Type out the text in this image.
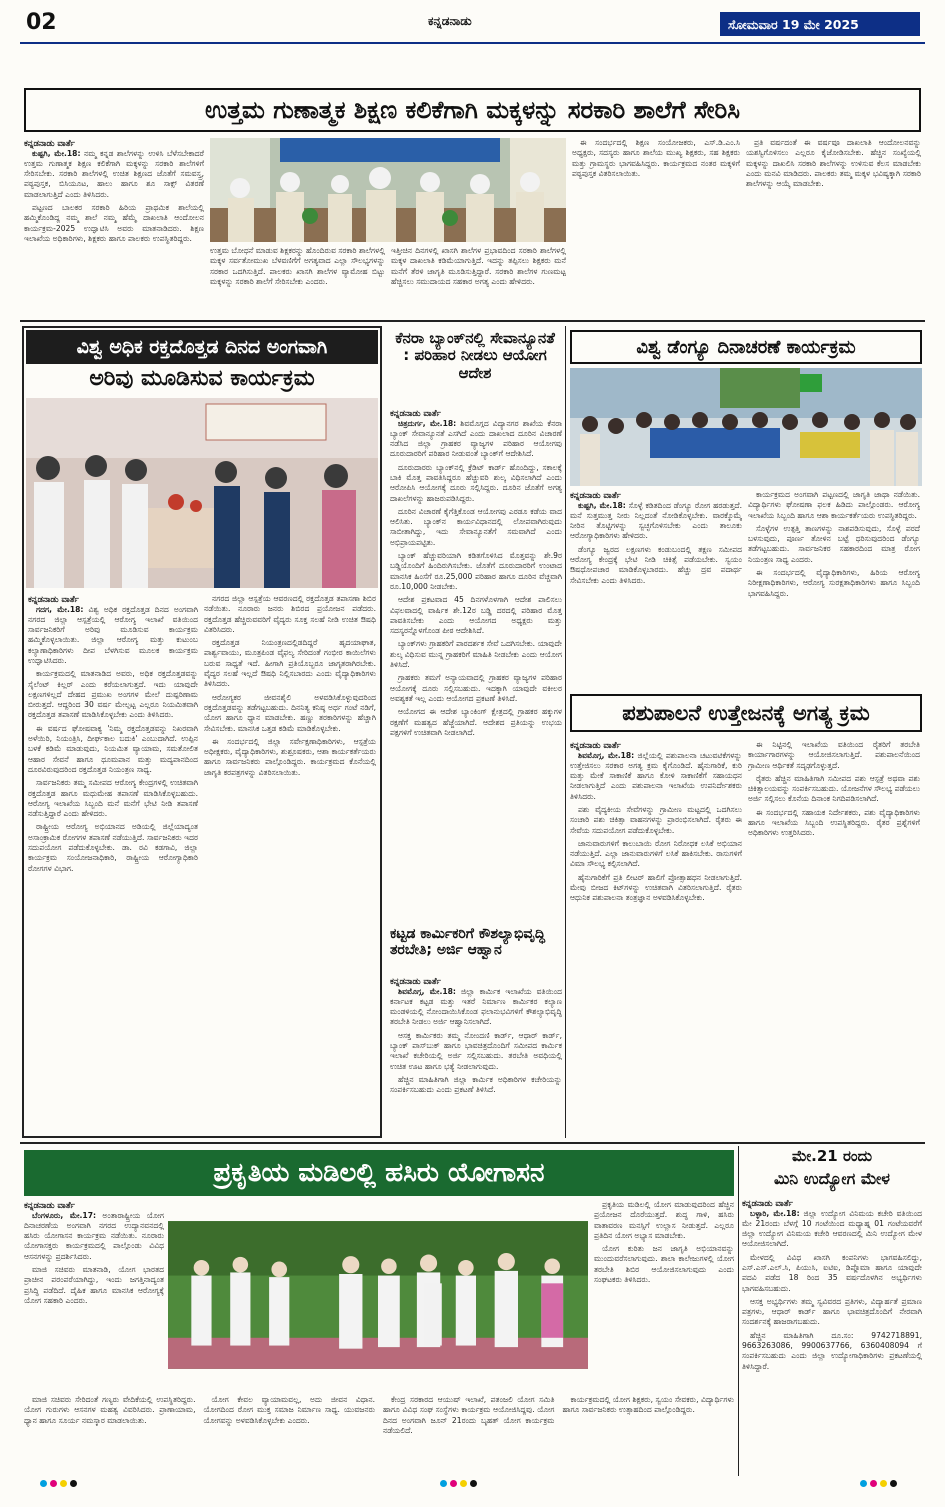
02	ಕನ್ನಡನಾಡು	ಸೋಮವಾರ 19 ಮೇ 2025
ಉತ್ತಮ ಗುಣಾತ್ಮಕ ಶಿಕ್ಷಣ ಕಲಿಕೆಗಾಗಿ ಮಕ್ಕಳನ್ನು ಸರಕಾರಿ ಶಾಲೆಗೆ ಸೇರಿಸಿ
ಕನ್ನಡನಾಡು ವಾರ್ತೆ

ಕುಷ್ಟಗಿ, ಮೇ.18: ನಮ್ಮ ಕನ್ನಡ ಶಾಲೆಗಳನ್ನು ಉಳಿಸಿ ಬೆಳೆಸಬೇಕಾದರೆ ಉತ್ತಮ ಗುಣಾತ್ಮಕ ಶಿಕ್ಷಣ ಕಲಿಕೆಗಾಗಿ ಮಕ್ಕಳನ್ನು ಸರಕಾರಿ ಶಾಲೆಗಳಿಗೆ ಸೇರಿಸಬೇಕು. ಸರಕಾರಿ ಶಾಲೆಗಳಲ್ಲಿ ಉಚಿತ ಶಿಕ್ಷಣದ ಜೊತೆಗೆ ಸಮವಸ್ತ್ರ, ಪಠ್ಯಪುಸ್ತಕ, ಬಿಸಿಯೂಟ, ಹಾಲು ಹಾಗೂ ಶೂ ಸಾಕ್ಸ್ ವಿತರಣೆ ಮಾಡಲಾಗುತ್ತಿದೆ ಎಂದು ತಿಳಿಸಿದರು.

ಪಟ್ಟಣದ ಬಾಲಕರ ಸರಕಾರಿ ಹಿರಿಯ ಪ್ರಾಥಮಿಕ ಶಾಲೆಯಲ್ಲಿ ಹಮ್ಮಿಕೊಂಡಿದ್ದ ನಮ್ಮ ಶಾಲೆ ನಮ್ಮ ಹೆಮ್ಮೆ ದಾಖಲಾತಿ ಆಂದೋಲನ ಕಾರ್ಯಕ್ರಮ-2025 ಉದ್ಘಾಟಿಸಿ ಅವರು ಮಾತನಾಡಿದರು. ಶಿಕ್ಷಣ ಇಲಾಖೆಯ ಅಧಿಕಾರಿಗಳು, ಶಿಕ್ಷಕರು ಹಾಗೂ ಪಾಲಕರು ಉಪಸ್ಥಿತರಿದ್ದರು.

ಉತ್ತಮ ಬೋಧನೆ ಮಾಡುವ ಶಿಕ್ಷಕರನ್ನು ಹೊಂದಿರುವ ಸರಕಾರಿ ಶಾಲೆಗಳಲ್ಲಿ ಮಕ್ಕಳ ಸರ್ವತೋಮುಖ ಬೆಳವಣಿಗೆಗೆ ಅಗತ್ಯವಾದ ಎಲ್ಲಾ ಸೌಲಭ್ಯಗಳನ್ನು ಸರಕಾರ ಒದಗಿಸುತ್ತಿದೆ. ಪಾಲಕರು ಖಾಸಗಿ ಶಾಲೆಗಳ ವ್ಯಾಮೋಹ ಬಿಟ್ಟು ಮಕ್ಕಳನ್ನು ಸರಕಾರಿ ಶಾಲೆಗೆ ಸೇರಿಸಬೇಕು ಎಂದರು.
ಇತ್ತೀಚಿನ ದಿನಗಳಲ್ಲಿ ಖಾಸಗಿ ಶಾಲೆಗಳ ಪ್ರಭಾವದಿಂದ ಸರಕಾರಿ ಶಾಲೆಗಳಲ್ಲಿ ಮಕ್ಕಳ ದಾಖಲಾತಿ ಕಡಿಮೆಯಾಗುತ್ತಿದೆ. ಇದನ್ನು ತಪ್ಪಿಸಲು ಶಿಕ್ಷಕರು ಮನೆ ಮನೆಗೆ ತೆರಳಿ ಜಾಗೃತಿ ಮೂಡಿಸುತ್ತಿದ್ದಾರೆ. ಸರಕಾರಿ ಶಾಲೆಗಳ ಗುಣಮಟ್ಟ ಹೆಚ್ಚಿಸಲು ಸಮುದಾಯದ ಸಹಕಾರ ಅಗತ್ಯ ಎಂದು ಹೇಳಿದರು.

ಈ ಸಂದರ್ಭದಲ್ಲಿ ಶಿಕ್ಷಣ ಸಂಯೋಜಕರು, ಎಸ್.ಡಿ.ಎಂ.ಸಿ ಅಧ್ಯಕ್ಷರು, ಸದಸ್ಯರು ಹಾಗೂ ಶಾಲೆಯ ಮುಖ್ಯ ಶಿಕ್ಷಕರು, ಸಹ ಶಿಕ್ಷಕರು ಮತ್ತು ಗ್ರಾಮಸ್ಥರು ಭಾಗವಹಿಸಿದ್ದರು. ಕಾರ್ಯಕ್ರಮದ ನಂತರ ಮಕ್ಕಳಿಗೆ ಪಠ್ಯಪುಸ್ತಕ ವಿತರಿಸಲಾಯಿತು.

ಪ್ರತಿ ವರ್ಷದಂತೆ ಈ ವರ್ಷವೂ ದಾಖಲಾತಿ ಆಂದೋಲನವನ್ನು ಯಶಸ್ವಿಗೊಳಿಸಲು ಎಲ್ಲರೂ ಕೈಜೋಡಿಸಬೇಕು. ಹೆಚ್ಚಿನ ಸಂಖ್ಯೆಯಲ್ಲಿ ಮಕ್ಕಳನ್ನು ದಾಖಲಿಸಿ ಸರಕಾರಿ ಶಾಲೆಗಳನ್ನು ಉಳಿಸುವ ಕೆಲಸ ಮಾಡಬೇಕು ಎಂದು ಮನವಿ ಮಾಡಿದರು. ಪಾಲಕರು ತಮ್ಮ ಮಕ್ಕಳ ಭವಿಷ್ಯಕ್ಕಾಗಿ ಸರಕಾರಿ ಶಾಲೆಗಳನ್ನು ಆಯ್ಕೆ ಮಾಡಬೇಕು.

ವಿಶ್ವ ಅಧಿಕ ರಕ್ತದೊತ್ತಡ ದಿನದ ಅಂಗವಾಗಿ
ಅರಿವು ಮೂಡಿಸುವ ಕಾರ್ಯಕ್ರಮ
ಕನ್ನಡನಾಡು ವಾರ್ತೆ

ಗದಗ, ಮೇ.18: ವಿಶ್ವ ಅಧಿಕ ರಕ್ತದೊತ್ತಡ ದಿನದ ಅಂಗವಾಗಿ ನಗರದ ಜಿಲ್ಲಾ ಆಸ್ಪತ್ರೆಯಲ್ಲಿ ಆರೋಗ್ಯ ಇಲಾಖೆ ವತಿಯಿಂದ ಸಾರ್ವಜನಿಕರಿಗೆ ಅರಿವು ಮೂಡಿಸುವ ಕಾರ್ಯಕ್ರಮ ಹಮ್ಮಿಕೊಳ್ಳಲಾಯಿತು. ಜಿಲ್ಲಾ ಆರೋಗ್ಯ ಮತ್ತು ಕುಟುಂಬ ಕಲ್ಯಾಣಾಧಿಕಾರಿಗಳು ದೀಪ ಬೆಳಗಿಸುವ ಮೂಲಕ ಕಾರ್ಯಕ್ರಮ ಉದ್ಘಾಟಿಸಿದರು.

ಕಾರ್ಯಕ್ರಮದಲ್ಲಿ ಮಾತನಾಡಿದ ಅವರು, ಅಧಿಕ ರಕ್ತದೊತ್ತಡವನ್ನು ಸೈಲೆಂಟ್ ಕಿಲ್ಲರ್ ಎಂದು ಕರೆಯಲಾಗುತ್ತದೆ. ಇದು ಯಾವುದೇ ಲಕ್ಷಣಗಳಿಲ್ಲದೆ ದೇಹದ ಪ್ರಮುಖ ಅಂಗಗಳ ಮೇಲೆ ದುಷ್ಪರಿಣಾಮ ಬೀರುತ್ತದೆ. ಆದ್ದರಿಂದ 30 ವರ್ಷ ಮೇಲ್ಪಟ್ಟ ಎಲ್ಲರೂ ನಿಯಮಿತವಾಗಿ ರಕ್ತದೊತ್ತಡ ತಪಾಸಣೆ ಮಾಡಿಸಿಕೊಳ್ಳಬೇಕು ಎಂದು ತಿಳಿಸಿದರು.

ಈ ವರ್ಷದ ಘೋಷವಾಕ್ಯ 'ನಿಮ್ಮ ರಕ್ತದೊತ್ತಡವನ್ನು ನಿಖರವಾಗಿ ಅಳೆಯಿರಿ, ನಿಯಂತ್ರಿಸಿ, ದೀರ್ಘಕಾಲ ಬದುಕಿ' ಎಂಬುದಾಗಿದೆ. ಉಪ್ಪಿನ ಬಳಕೆ ಕಡಿಮೆ ಮಾಡುವುದು, ನಿಯಮಿತ ವ್ಯಾಯಾಮ, ಸಮತೋಲಿತ ಆಹಾರ ಸೇವನೆ ಹಾಗೂ ಧೂಮಪಾನ ಮತ್ತು ಮದ್ಯಪಾನದಿಂದ ದೂರವಿರುವುದರಿಂದ ರಕ್ತದೊತ್ತಡ ನಿಯಂತ್ರಣ ಸಾಧ್ಯ.

ಸಾರ್ವಜನಿಕರು ತಮ್ಮ ಸಮೀಪದ ಆರೋಗ್ಯ ಕೇಂದ್ರಗಳಲ್ಲಿ ಉಚಿತವಾಗಿ ರಕ್ತದೊತ್ತಡ ಹಾಗೂ ಮಧುಮೇಹ ತಪಾಸಣೆ ಮಾಡಿಸಿಕೊಳ್ಳಬಹುದು. ಆರೋಗ್ಯ ಇಲಾಖೆಯ ಸಿಬ್ಬಂದಿ ಮನೆ ಮನೆಗೆ ಭೇಟಿ ನೀಡಿ ತಪಾಸಣೆ ನಡೆಸುತ್ತಿದ್ದಾರೆ ಎಂದು ಹೇಳಿದರು.

ರಾಷ್ಟ್ರೀಯ ಆರೋಗ್ಯ ಅಭಿಯಾನದ ಅಡಿಯಲ್ಲಿ ಜಿಲ್ಲೆಯಾದ್ಯಂತ ಅಸಾಂಕ್ರಾಮಿಕ ರೋಗಗಳ ತಪಾಸಣೆ ನಡೆಯುತ್ತಿದೆ. ಸಾರ್ವಜನಿಕರು ಇದರ ಸದುಪಯೋಗ ಪಡೆದುಕೊಳ್ಳಬೇಕು. ಡಾ. ರವಿ ಕಡಗಾವಿ, ಜಿಲ್ಲಾ ಕಾರ್ಯಕ್ರಮ ಸಂಯೋಜನಾಧಿಕಾರಿ, ರಾಷ್ಟ್ರೀಯ ಆರೋಗ್ಯಾಧಿಕಾರಿ ರೋಗಗಳ ವಿಭಾಗ.

ನಗರದ ಜಿಲ್ಲಾ ಆಸ್ಪತ್ರೆಯ ಆವರಣದಲ್ಲಿ ರಕ್ತದೊತ್ತಡ ತಪಾಸಣಾ ಶಿಬಿರ ನಡೆಯಿತು. ನೂರಾರು ಜನರು ಶಿಬಿರದ ಪ್ರಯೋಜನ ಪಡೆದರು. ರಕ್ತದೊತ್ತಡ ಹೆಚ್ಚಿರುವವರಿಗೆ ವೈದ್ಯರು ಸೂಕ್ತ ಸಲಹೆ ನೀಡಿ ಉಚಿತ ಔಷಧಿ ವಿತರಿಸಿದರು.

ರಕ್ತದೊತ್ತಡ ನಿಯಂತ್ರಣದಲ್ಲಿಡದಿದ್ದರೆ ಹೃದಯಾಘಾತ, ಪಾರ್ಶ್ವವಾಯು, ಮೂತ್ರಪಿಂಡ ವೈಫಲ್ಯ ಸೇರಿದಂತೆ ಗಂಭೀರ ಕಾಯಿಲೆಗಳು ಬರುವ ಸಾಧ್ಯತೆ ಇದೆ. ಹೀಗಾಗಿ ಪ್ರತಿಯೊಬ್ಬರೂ ಜಾಗೃತರಾಗಿರಬೇಕು. ವೈದ್ಯರ ಸಲಹೆ ಇಲ್ಲದೆ ಔಷಧಿ ನಿಲ್ಲಿಸಬಾರದು ಎಂದು ವೈದ್ಯಾಧಿಕಾರಿಗಳು ತಿಳಿಸಿದರು.

ಆರೋಗ್ಯಕರ ಜೀವನಶೈಲಿ ಅಳವಡಿಸಿಕೊಳ್ಳುವುದರಿಂದ ರಕ್ತದೊತ್ತಡವನ್ನು ತಡೆಗಟ್ಟಬಹುದು. ದಿನನಿತ್ಯ ಕನಿಷ್ಠ ಅರ್ಧ ಗಂಟೆ ನಡಿಗೆ, ಯೋಗ ಹಾಗೂ ಧ್ಯಾನ ಮಾಡಬೇಕು. ಹಣ್ಣು ತರಕಾರಿಗಳನ್ನು ಹೆಚ್ಚಾಗಿ ಸೇವಿಸಬೇಕು. ಮಾನಸಿಕ ಒತ್ತಡ ಕಡಿಮೆ ಮಾಡಿಕೊಳ್ಳಬೇಕು.

ಈ ಸಂದರ್ಭದಲ್ಲಿ ಜಿಲ್ಲಾ ಸರ್ವೇಕ್ಷಣಾಧಿಕಾರಿಗಳು, ಆಸ್ಪತ್ರೆಯ ಅಧೀಕ್ಷಕರು, ವೈದ್ಯಾಧಿಕಾರಿಗಳು, ಶುಶ್ರೂಷಕರು, ಆಶಾ ಕಾರ್ಯಕರ್ತೆಯರು ಹಾಗೂ ಸಾರ್ವಜನಿಕರು ಪಾಲ್ಗೊಂಡಿದ್ದರು. ಕಾರ್ಯಕ್ರಮದ ಕೊನೆಯಲ್ಲಿ ಜಾಗೃತಿ ಕರಪತ್ರಗಳನ್ನು ವಿತರಿಸಲಾಯಿತು.

ಕೆನರಾ ಬ್ಯಾಂಕ್‌ನಲ್ಲಿ ಸೇವಾನ್ಯೂನತೆ : ಪರಿಹಾರ ನೀಡಲು ಆಯೋಗ ಆದೇಶ
ಕನ್ನಡನಾಡು ವಾರ್ತೆ

ಚಿತ್ರದುರ್ಗ, ಮೇ.18: ಶಿವಮೊಗ್ಗದ ವಿದ್ಯಾನಗರ ಶಾಖೆಯ ಕೆನರಾ ಬ್ಯಾಂಕ್ ಸೇವಾನ್ಯೂನತೆ ಎಸಗಿದೆ ಎಂದು ದಾಖಲಾದ ದೂರಿನ ವಿಚಾರಣೆ ನಡೆಸಿದ ಜಿಲ್ಲಾ ಗ್ರಾಹಕರ ವ್ಯಾಜ್ಯಗಳ ಪರಿಹಾರ ಆಯೋಗವು ದೂರುದಾರರಿಗೆ ಪರಿಹಾರ ನೀಡುವಂತೆ ಬ್ಯಾಂಕ್‌ಗೆ ಆದೇಶಿಸಿದೆ.

ದೂರುದಾರರು ಬ್ಯಾಂಕ್‌ನಲ್ಲಿ ಕ್ರೆಡಿಟ್ ಕಾರ್ಡ್ ಹೊಂದಿದ್ದು, ಸಕಾಲಕ್ಕೆ ಬಾಕಿ ಮೊತ್ತ ಪಾವತಿಸಿದ್ದರೂ ಹೆಚ್ಚುವರಿ ಶುಲ್ಕ ವಿಧಿಸಲಾಗಿದೆ ಎಂದು ಆರೋಪಿಸಿ ಆಯೋಗಕ್ಕೆ ದೂರು ಸಲ್ಲಿಸಿದ್ದರು. ದೂರಿನ ಜೊತೆಗೆ ಅಗತ್ಯ ದಾಖಲೆಗಳನ್ನು ಹಾಜರುಪಡಿಸಿದ್ದರು.

ದೂರಿನ ವಿಚಾರಣೆ ಕೈಗೆತ್ತಿಕೊಂಡ ಆಯೋಗವು ಎರಡೂ ಕಡೆಯ ವಾದ ಆಲಿಸಿತು. ಬ್ಯಾಂಕ್‌ನ ಕಾರ್ಯವಿಧಾನದಲ್ಲಿ ಲೋಪವಾಗಿರುವುದು ಸಾಬೀತಾಗಿದ್ದು, ಇದು ಸೇವಾನ್ಯೂನತೆಗೆ ಸಮವಾಗಿದೆ ಎಂದು ಅಭಿಪ್ರಾಯಪಟ್ಟಿತು.

ಬ್ಯಾಂಕ್ ಹೆಚ್ಚುವರಿಯಾಗಿ ಕಡಿತಗೊಳಿಸಿದ ಮೊತ್ತವನ್ನು ಶೇ.9ರ ಬಡ್ಡಿಯೊಂದಿಗೆ ಹಿಂದಿರುಗಿಸಬೇಕು. ಜೊತೆಗೆ ದೂರುದಾರರಿಗೆ ಉಂಟಾದ ಮಾನಸಿಕ ಹಿಂಸೆಗೆ ರೂ.25,000 ಪರಿಹಾರ ಹಾಗೂ ದೂರಿನ ವೆಚ್ಚವಾಗಿ ರೂ.10,000 ನೀಡಬೇಕು.

ಆದೇಶ ಪ್ರಕಟವಾದ 45 ದಿನಗಳೊಳಗಾಗಿ ಆದೇಶ ಪಾಲಿಸಲು ವಿಫಲವಾದಲ್ಲಿ ವಾರ್ಷಿಕ ಶೇ.12ರ ಬಡ್ಡಿ ದರದಲ್ಲಿ ಪರಿಹಾರ ಮೊತ್ತ ಪಾವತಿಸಬೇಕು ಎಂದು ಆಯೋಗದ ಅಧ್ಯಕ್ಷರು ಮತ್ತು ಸದಸ್ಯರನ್ನೊಳಗೊಂಡ ಪೀಠ ಆದೇಶಿಸಿದೆ.

ಬ್ಯಾಂಕ್‌ಗಳು ಗ್ರಾಹಕರಿಗೆ ಪಾರದರ್ಶಕ ಸೇವೆ ಒದಗಿಸಬೇಕು. ಯಾವುದೇ ಶುಲ್ಕ ವಿಧಿಸುವ ಮುನ್ನ ಗ್ರಾಹಕರಿಗೆ ಮಾಹಿತಿ ನೀಡಬೇಕು ಎಂದು ಆಯೋಗ ತಿಳಿಸಿದೆ.

ಗ್ರಾಹಕರು ತಮಗೆ ಅನ್ಯಾಯವಾದಲ್ಲಿ ಗ್ರಾಹಕರ ವ್ಯಾಜ್ಯಗಳ ಪರಿಹಾರ ಆಯೋಗಕ್ಕೆ ದೂರು ಸಲ್ಲಿಸಬಹುದು. ಇದಕ್ಕಾಗಿ ಯಾವುದೇ ವಕೀಲರ ಅವಶ್ಯಕತೆ ಇಲ್ಲ ಎಂದು ಆಯೋಗದ ಪ್ರಕಟಣೆ ತಿಳಿಸಿದೆ.

ಆಯೋಗದ ಈ ಆದೇಶ ಬ್ಯಾಂಕಿಂಗ್ ಕ್ಷೇತ್ರದಲ್ಲಿ ಗ್ರಾಹಕರ ಹಕ್ಕುಗಳ ರಕ್ಷಣೆಗೆ ಮಹತ್ವದ ಹೆಜ್ಜೆಯಾಗಿದೆ. ಆದೇಶದ ಪ್ರತಿಯನ್ನು ಉಭಯ ಪಕ್ಷಗಳಿಗೆ ಉಚಿತವಾಗಿ ನೀಡಲಾಗಿದೆ.

ಕಟ್ಟಡ ಕಾರ್ಮಿಕರಿಗೆ ಕೌಶಲ್ಯಾಭಿವೃದ್ಧಿ ತರಬೇತಿ; ಅರ್ಜಿ ಆಹ್ವಾನ
ಕನ್ನಡನಾಡು ವಾರ್ತೆ

ಶಿವಮೊಗ್ಗ, ಮೇ.18: ಜಿಲ್ಲಾ ಕಾರ್ಮಿಕ ಇಲಾಖೆಯ ವತಿಯಿಂದ ಕರ್ನಾಟಕ ಕಟ್ಟಡ ಮತ್ತು ಇತರೆ ನಿರ್ಮಾಣ ಕಾರ್ಮಿಕರ ಕಲ್ಯಾಣ ಮಂಡಳಿಯಲ್ಲಿ ನೋಂದಾಯಿಸಿಕೊಂಡ ಫಲಾನುಭವಿಗಳಿಗೆ ಕೌಶಲ್ಯಾಭಿವೃದ್ಧಿ ತರಬೇತಿ ನೀಡಲು ಅರ್ಜಿ ಆಹ್ವಾನಿಸಲಾಗಿದೆ.

ಆಸಕ್ತ ಕಾರ್ಮಿಕರು ತಮ್ಮ ನೋಂದಣಿ ಕಾರ್ಡ್, ಆಧಾರ್ ಕಾರ್ಡ್, ಬ್ಯಾಂಕ್ ಪಾಸ್‌ಬುಕ್ ಹಾಗೂ ಭಾವಚಿತ್ರದೊಂದಿಗೆ ಸಮೀಪದ ಕಾರ್ಮಿಕ ಇಲಾಖೆ ಕಚೇರಿಯಲ್ಲಿ ಅರ್ಜಿ ಸಲ್ಲಿಸಬಹುದು. ತರಬೇತಿ ಅವಧಿಯಲ್ಲಿ ಉಚಿತ ಊಟ ಹಾಗೂ ಭತ್ಯೆ ನೀಡಲಾಗುವುದು.

ಹೆಚ್ಚಿನ ಮಾಹಿತಿಗಾಗಿ ಜಿಲ್ಲಾ ಕಾರ್ಮಿಕ ಅಧಿಕಾರಿಗಳ ಕಚೇರಿಯನ್ನು ಸಂಪರ್ಕಿಸಬಹುದು ಎಂದು ಪ್ರಕಟಣೆ ತಿಳಿಸಿದೆ.

ವಿಶ್ವ ಡೆಂಗ್ಯೂ ದಿನಾಚರಣೆ ಕಾರ್ಯಕ್ರಮ
ಕನ್ನಡನಾಡು ವಾರ್ತೆ

ಕುಷ್ಟಗಿ, ಮೇ.18: ಸೊಳ್ಳೆ ಕಡಿತದಿಂದ ಡೆಂಗ್ಯೂ ರೋಗ ಹರಡುತ್ತದೆ. ಮನೆ ಸುತ್ತಮುತ್ತ ನೀರು ನಿಲ್ಲದಂತೆ ನೋಡಿಕೊಳ್ಳಬೇಕು. ವಾರಕ್ಕೊಮ್ಮೆ ನೀರಿನ ತೊಟ್ಟಿಗಳನ್ನು ಸ್ವಚ್ಛಗೊಳಿಸಬೇಕು ಎಂದು ತಾಲೂಕು ಆರೋಗ್ಯಾಧಿಕಾರಿಗಳು ಹೇಳಿದರು.

ಡೆಂಗ್ಯೂ ಜ್ವರದ ಲಕ್ಷಣಗಳು ಕಂಡುಬಂದಲ್ಲಿ ತಕ್ಷಣ ಸಮೀಪದ ಆರೋಗ್ಯ ಕೇಂದ್ರಕ್ಕೆ ಭೇಟಿ ನೀಡಿ ಚಿಕಿತ್ಸೆ ಪಡೆಯಬೇಕು. ಸ್ವಯಂ ಔಷಧೋಪಚಾರ ಮಾಡಿಕೊಳ್ಳಬಾರದು. ಹೆಚ್ಚು ದ್ರವ ಪದಾರ್ಥ ಸೇವಿಸಬೇಕು ಎಂದು ತಿಳಿಸಿದರು.

ಕಾರ್ಯಕ್ರಮದ ಅಂಗವಾಗಿ ಪಟ್ಟಣದಲ್ಲಿ ಜಾಗೃತಿ ಜಾಥಾ ನಡೆಯಿತು. ವಿದ್ಯಾರ್ಥಿಗಳು ಘೋಷಣಾ ಫಲಕ ಹಿಡಿದು ಪಾಲ್ಗೊಂಡರು. ಆರೋಗ್ಯ ಇಲಾಖೆಯ ಸಿಬ್ಬಂದಿ ಹಾಗೂ ಆಶಾ ಕಾರ್ಯಕರ್ತೆಯರು ಉಪಸ್ಥಿತರಿದ್ದರು.

ಸೊಳ್ಳೆಗಳ ಉತ್ಪತ್ತಿ ತಾಣಗಳನ್ನು ನಾಶಪಡಿಸುವುದು, ಸೊಳ್ಳೆ ಪರದೆ ಬಳಸುವುದು, ಪೂರ್ಣ ತೋಳಿನ ಬಟ್ಟೆ ಧರಿಸುವುದರಿಂದ ಡೆಂಗ್ಯೂ ತಡೆಗಟ್ಟಬಹುದು. ಸಾರ್ವಜನಿಕರ ಸಹಕಾರದಿಂದ ಮಾತ್ರ ರೋಗ ನಿಯಂತ್ರಣ ಸಾಧ್ಯ ಎಂದರು.

ಈ ಸಂದರ್ಭದಲ್ಲಿ ವೈದ್ಯಾಧಿಕಾರಿಗಳು, ಹಿರಿಯ ಆರೋಗ್ಯ ನಿರೀಕ್ಷಣಾಧಿಕಾರಿಗಳು, ಆರೋಗ್ಯ ಸುರಕ್ಷತಾಧಿಕಾರಿಗಳು ಹಾಗೂ ಸಿಬ್ಬಂದಿ ಭಾಗವಹಿಸಿದ್ದರು.

ಪಶುಪಾಲನೆ ಉತ್ತೇಜನಕ್ಕೆ ಅಗತ್ಯ ಕ್ರಮ
ಕನ್ನಡನಾಡು ವಾರ್ತೆ

ಶಿವಮೊಗ್ಗ, ಮೇ.18: ಜಿಲ್ಲೆಯಲ್ಲಿ ಪಶುಪಾಲನಾ ಚಟುವಟಿಕೆಗಳನ್ನು ಉತ್ತೇಜಿಸಲು ಸರಕಾರ ಅಗತ್ಯ ಕ್ರಮ ಕೈಗೊಂಡಿದೆ. ಹೈನುಗಾರಿಕೆ, ಕುರಿ ಮತ್ತು ಮೇಕೆ ಸಾಕಾಣಿಕೆ ಹಾಗೂ ಕೋಳಿ ಸಾಕಾಣಿಕೆಗೆ ಸಹಾಯಧನ ನೀಡಲಾಗುತ್ತಿದೆ ಎಂದು ಪಶುಪಾಲನಾ ಇಲಾಖೆಯ ಉಪನಿರ್ದೇಶಕರು ತಿಳಿಸಿದರು.

ಪಶು ವೈದ್ಯಕೀಯ ಸೇವೆಗಳನ್ನು ಗ್ರಾಮೀಣ ಮಟ್ಟದಲ್ಲಿ ಒದಗಿಸಲು ಸಂಚಾರಿ ಪಶು ಚಿಕಿತ್ಸಾ ವಾಹನಗಳನ್ನು ಪ್ರಾರಂಭಿಸಲಾಗಿದೆ. ರೈತರು ಈ ಸೇವೆಯ ಸದುಪಯೋಗ ಪಡೆದುಕೊಳ್ಳಬೇಕು.

ಜಾನುವಾರುಗಳಿಗೆ ಕಾಲುಬಾಯಿ ರೋಗ ನಿರೋಧಕ ಲಸಿಕೆ ಅಭಿಯಾನ ನಡೆಯುತ್ತಿದೆ. ಎಲ್ಲಾ ಜಾನುವಾರುಗಳಿಗೆ ಲಸಿಕೆ ಹಾಕಿಸಬೇಕು. ರಾಸುಗಳಿಗೆ ವಿಮಾ ಸೌಲಭ್ಯ ಕಲ್ಪಿಸಲಾಗಿದೆ.

ಹೈನುಗಾರಿಕೆಗೆ ಪ್ರತಿ ಲೀಟರ್ ಹಾಲಿಗೆ ಪ್ರೋತ್ಸಾಹಧನ ನೀಡಲಾಗುತ್ತಿದೆ. ಮೇವು ಬೀಜದ ಕಿಟ್‌ಗಳನ್ನು ಉಚಿತವಾಗಿ ವಿತರಿಸಲಾಗುತ್ತಿದೆ. ರೈತರು ಆಧುನಿಕ ಪಶುಪಾಲನಾ ತಂತ್ರಜ್ಞಾನ ಅಳವಡಿಸಿಕೊಳ್ಳಬೇಕು.

ಈ ನಿಟ್ಟಿನಲ್ಲಿ ಇಲಾಖೆಯ ವತಿಯಿಂದ ರೈತರಿಗೆ ತರಬೇತಿ ಕಾರ್ಯಾಗಾರಗಳನ್ನು ಆಯೋಜಿಸಲಾಗುತ್ತಿದೆ. ಪಶುಪಾಲನೆಯಿಂದ ಗ್ರಾಮೀಣ ಆರ್ಥಿಕತೆ ಸದೃಢಗೊಳ್ಳುತ್ತದೆ.

ರೈತರು ಹೆಚ್ಚಿನ ಮಾಹಿತಿಗಾಗಿ ಸಮೀಪದ ಪಶು ಆಸ್ಪತ್ರೆ ಅಥವಾ ಪಶು ಚಿಕಿತ್ಸಾಲಯವನ್ನು ಸಂಪರ್ಕಿಸಬಹುದು. ಯೋಜನೆಗಳ ಸೌಲಭ್ಯ ಪಡೆಯಲು ಅರ್ಜಿ ಸಲ್ಲಿಸಲು ಕೊನೆಯ ದಿನಾಂಕ ನಿಗದಿಪಡಿಸಲಾಗಿದೆ.

ಈ ಸಂದರ್ಭದಲ್ಲಿ ಸಹಾಯಕ ನಿರ್ದೇಶಕರು, ಪಶು ವೈದ್ಯಾಧಿಕಾರಿಗಳು ಹಾಗೂ ಇಲಾಖೆಯ ಸಿಬ್ಬಂದಿ ಉಪಸ್ಥಿತರಿದ್ದರು. ರೈತರ ಪ್ರಶ್ನೆಗಳಿಗೆ ಅಧಿಕಾರಿಗಳು ಉತ್ತರಿಸಿದರು.

ಪ್ರಕೃತಿಯ ಮಡಿಲಲ್ಲಿ ಹಸಿರು ಯೋಗಾಸನ
ಕನ್ನಡನಾಡು ವಾರ್ತೆ

ಬೆಂಗಳೂರು, ಮೇ.17: ಅಂತಾರಾಷ್ಟ್ರೀಯ ಯೋಗ ದಿನಾಚರಣೆಯ ಅಂಗವಾಗಿ ನಗರದ ಉದ್ಯಾನವನದಲ್ಲಿ ಹಸಿರು ಯೋಗಾಸನ ಕಾರ್ಯಕ್ರಮ ನಡೆಯಿತು. ನೂರಾರು ಯೋಗಾಸಕ್ತರು ಕಾರ್ಯಕ್ರಮದಲ್ಲಿ ಪಾಲ್ಗೊಂಡು ವಿವಿಧ ಆಸನಗಳನ್ನು ಪ್ರದರ್ಶಿಸಿದರು.

ಮಾಜಿ ಸಚಿವರು ಮಾತನಾಡಿ, ಯೋಗ ಭಾರತದ ಪ್ರಾಚೀನ ಪರಂಪರೆಯಾಗಿದ್ದು, ಇಂದು ಜಗತ್ತಿನಾದ್ಯಂತ ಪ್ರಸಿದ್ಧಿ ಪಡೆದಿದೆ. ದೈಹಿಕ ಹಾಗೂ ಮಾನಸಿಕ ಆರೋಗ್ಯಕ್ಕೆ ಯೋಗ ಸಹಕಾರಿ ಎಂದರು.

ಪ್ರಕೃತಿಯ ಮಡಿಲಲ್ಲಿ ಯೋಗ ಮಾಡುವುದರಿಂದ ಹೆಚ್ಚಿನ ಪ್ರಯೋಜನ ದೊರೆಯುತ್ತದೆ. ಶುದ್ಧ ಗಾಳಿ, ಹಸಿರು ವಾತಾವರಣ ಮನಸ್ಸಿಗೆ ಉಲ್ಲಾಸ ನೀಡುತ್ತದೆ. ಎಲ್ಲರೂ ಪ್ರತಿದಿನ ಯೋಗ ಅಭ್ಯಾಸ ಮಾಡಬೇಕು.

ಯೋಗ ಕುರಿತು ಜನ ಜಾಗೃತಿ ಅಭಿಯಾನವನ್ನು ಮುಂದುವರೆಸಲಾಗುವುದು. ಶಾಲಾ ಕಾಲೇಜುಗಳಲ್ಲಿ ಯೋಗ ತರಬೇತಿ ಶಿಬಿರ ಆಯೋಜಿಸಲಾಗುವುದು ಎಂದು ಸಂಘಟಕರು ತಿಳಿಸಿದರು.

ಮಾಜಿ ಸಚಿವರು ಸೇರಿದಂತೆ ಗಣ್ಯರು ವೇದಿಕೆಯಲ್ಲಿ ಉಪಸ್ಥಿತರಿದ್ದರು. ಯೋಗ ಗುರುಗಳು ಆಸನಗಳ ಮಹತ್ವ ವಿವರಿಸಿದರು. ಪ್ರಾಣಾಯಾಮ, ಧ್ಯಾನ ಹಾಗೂ ಸೂರ್ಯ ನಮಸ್ಕಾರ ಮಾಡಲಾಯಿತು.

ಯೋಗ ಕೇವಲ ವ್ಯಾಯಾಮವಲ್ಲ, ಅದು ಜೀವನ ವಿಧಾನ. ಯೋಗದಿಂದ ರೋಗ ಮುಕ್ತ ಸಮಾಜ ನಿರ್ಮಾಣ ಸಾಧ್ಯ. ಯುವಜನರು ಯೋಗವನ್ನು ಅಳವಡಿಸಿಕೊಳ್ಳಬೇಕು ಎಂದರು.

ಕೇಂದ್ರ ಸರಕಾರದ ಆಯುಷ್ ಇಲಾಖೆ, ಪತಂಜಲಿ ಯೋಗ ಸಮಿತಿ ಹಾಗೂ ವಿವಿಧ ಸಂಘ ಸಂಸ್ಥೆಗಳು ಕಾರ್ಯಕ್ರಮ ಆಯೋಜಿಸಿದ್ದವು. ಯೋಗ ದಿನದ ಅಂಗವಾಗಿ ಜೂನ್ 21ರಂದು ಬೃಹತ್ ಯೋಗ ಕಾರ್ಯಕ್ರಮ ನಡೆಯಲಿದೆ.

ಕಾರ್ಯಕ್ರಮದಲ್ಲಿ ಯೋಗ ಶಿಕ್ಷಕರು, ಸ್ವಯಂ ಸೇವಕರು, ವಿದ್ಯಾರ್ಥಿಗಳು ಹಾಗೂ ಸಾರ್ವಜನಿಕರು ಉತ್ಸಾಹದಿಂದ ಪಾಲ್ಗೊಂಡಿದ್ದರು.

ಮೇ.21 ರಂದು
ಮಿನಿ ಉದ್ಯೋಗ ಮೇಳ
ಕನ್ನಡನಾಡು ವಾರ್ತೆ

ಬಳ್ಳಾರಿ, ಮೇ.18: ಜಿಲ್ಲಾ ಉದ್ಯೋಗ ವಿನಿಮಯ ಕಚೇರಿ ವತಿಯಿಂದ ಮೇ 21ರಂದು ಬೆಳಗ್ಗೆ 10 ಗಂಟೆಯಿಂದ ಮಧ್ಯಾಹ್ನ 01 ಗಂಟೆಯವರೆಗೆ ಜಿಲ್ಲಾ ಉದ್ಯೋಗ ವಿನಿಮಯ ಕಚೇರಿ ಆವರಣದಲ್ಲಿ ಮಿನಿ ಉದ್ಯೋಗ ಮೇಳ ಆಯೋಜಿಸಲಾಗಿದೆ.

ಮೇಳದಲ್ಲಿ ವಿವಿಧ ಖಾಸಗಿ ಕಂಪನಿಗಳು ಭಾಗವಹಿಸಲಿದ್ದು, ಎಸ್.ಎಸ್.ಎಲ್.ಸಿ, ಪಿಯುಸಿ, ಐಟಿಐ, ಡಿಪ್ಲೊಮಾ ಹಾಗೂ ಯಾವುದೇ ಪದವಿ ಪಡೆದ 18 ರಿಂದ 35 ವರ್ಷದೊಳಗಿನ ಅಭ್ಯರ್ಥಿಗಳು ಭಾಗವಹಿಸಬಹುದು.

ಆಸಕ್ತ ಅಭ್ಯರ್ಥಿಗಳು ತಮ್ಮ ಸ್ವವಿವರದ ಪ್ರತಿಗಳು, ವಿದ್ಯಾರ್ಹತೆ ಪ್ರಮಾಣ ಪತ್ರಗಳು, ಆಧಾರ್ ಕಾರ್ಡ್ ಹಾಗೂ ಭಾವಚಿತ್ರದೊಂದಿಗೆ ನೇರವಾಗಿ ಸಂದರ್ಶನಕ್ಕೆ ಹಾಜರಾಗಬಹುದು.

ಹೆಚ್ಚಿನ ಮಾಹಿತಿಗಾಗಿ ದೂ.ಸಂ: 9742718891, 9663263086, 9900637766, 6360408094 ಗೆ ಸಂಪರ್ಕಿಸಬಹುದು ಎಂದು ಜಿಲ್ಲಾ ಉದ್ಯೋಗಾಧಿಕಾರಿಗಳು ಪ್ರಕಟಣೆಯಲ್ಲಿ ತಿಳಿಸಿದ್ದಾರೆ.
